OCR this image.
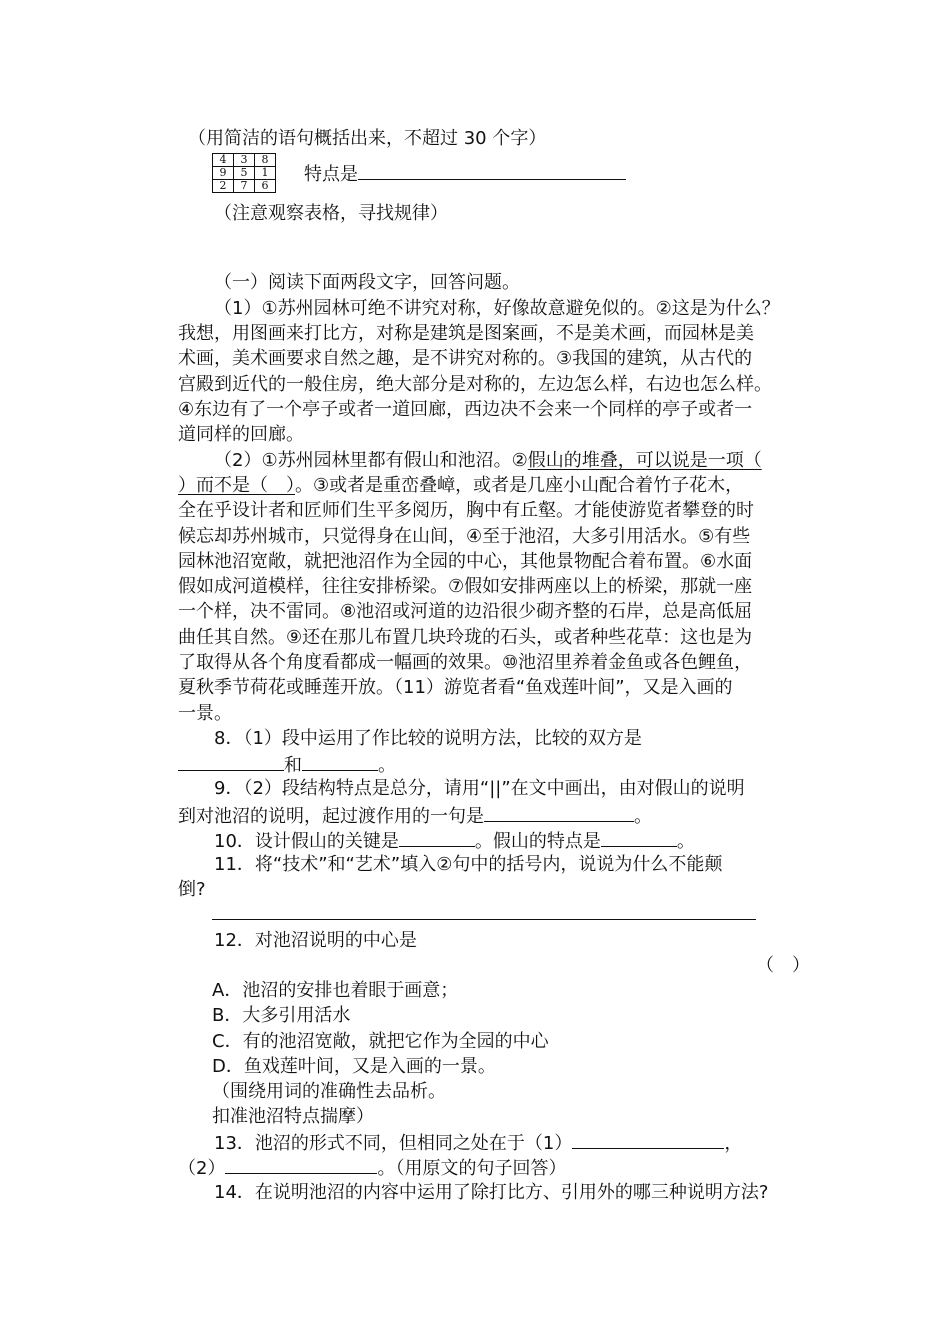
（用简洁的语句概括出来，不超过 30 个字）

4	3	8
9	5	1
2	7	6

特点是

（注意观察表格，寻找规律）

（一）阅读下面两段文字，回答问题。

（1）①苏州园林可绝不讲究对称，好像故意避免似的。②这是为什么？

我想，用图画来打比方，对称是建筑是图案画，不是美术画，而园林是美

术画，美术画要求自然之趣，是不讲究对称的。③我国的建筑，从古代的

宫殿到近代的一般住房，绝大部分是对称的，左边怎么样，右边也怎么样。

④东边有了一个亭子或者一道回廊，西边决不会来一个同样的亭子或者一

道同样的回廊。

（2）①苏州园林里都有假山和池沼。②假山的堆叠，可以说是一项（

）而不是（　）。③或者是重峦叠嶂，或者是几座小山配合着竹子花木，

全在乎设计者和匠师们生平多阅历，胸中有丘壑。才能使游览者攀登的时

候忘却苏州城市，只觉得身在山间，④至于池沼，大多引用活水。⑤有些

园林池沼宽敞，就把池沼作为全园的中心，其他景物配合着布置。⑥水面

假如成河道模样，往往安排桥梁。⑦假如安排两座以上的桥梁，那就一座

一个样，决不雷同。⑧池沼或河道的边沿很少砌齐整的石岸，总是高低屈

曲任其自然。⑨还在那儿布置几块玲珑的石头，或者种些花草：这也是为

了取得从各个角度看都成一幅画的效果。⑩池沼里养着金鱼或各色鲤鱼，

夏秋季节荷花或睡莲开放。（11）游览者看“鱼戏莲叶间”，又是入画的

一景。

8．（1）段中运用了作比较的说明方法，比较的双方是

和	。

9．（2）段结构特点是总分，请用“||”在文中画出，由对假山的说明

到对池沼的说明，起过渡作用的一句是	。

10．设计假山的关键是	。假山的特点是	。

11．将“技术”和“艺术”填入②句中的括号内，说说为什么不能颠

倒?

12．对池沼说明的中心是

（　）

A．池沼的安排也着眼于画意；

B．大多引用活水

C．有的池沼宽敞，就把它作为全园的中心

D．鱼戏莲叶间，又是入画的一景。

（围绕用词的准确性去品析。

扣准池沼特点揣摩）

13．池沼的形式不同，但相同之处在于（1）	，

（2）	。（用原文的句子回答）

14．在说明池沼的内容中运用了除打比方、引用外的哪三种说明方法?
